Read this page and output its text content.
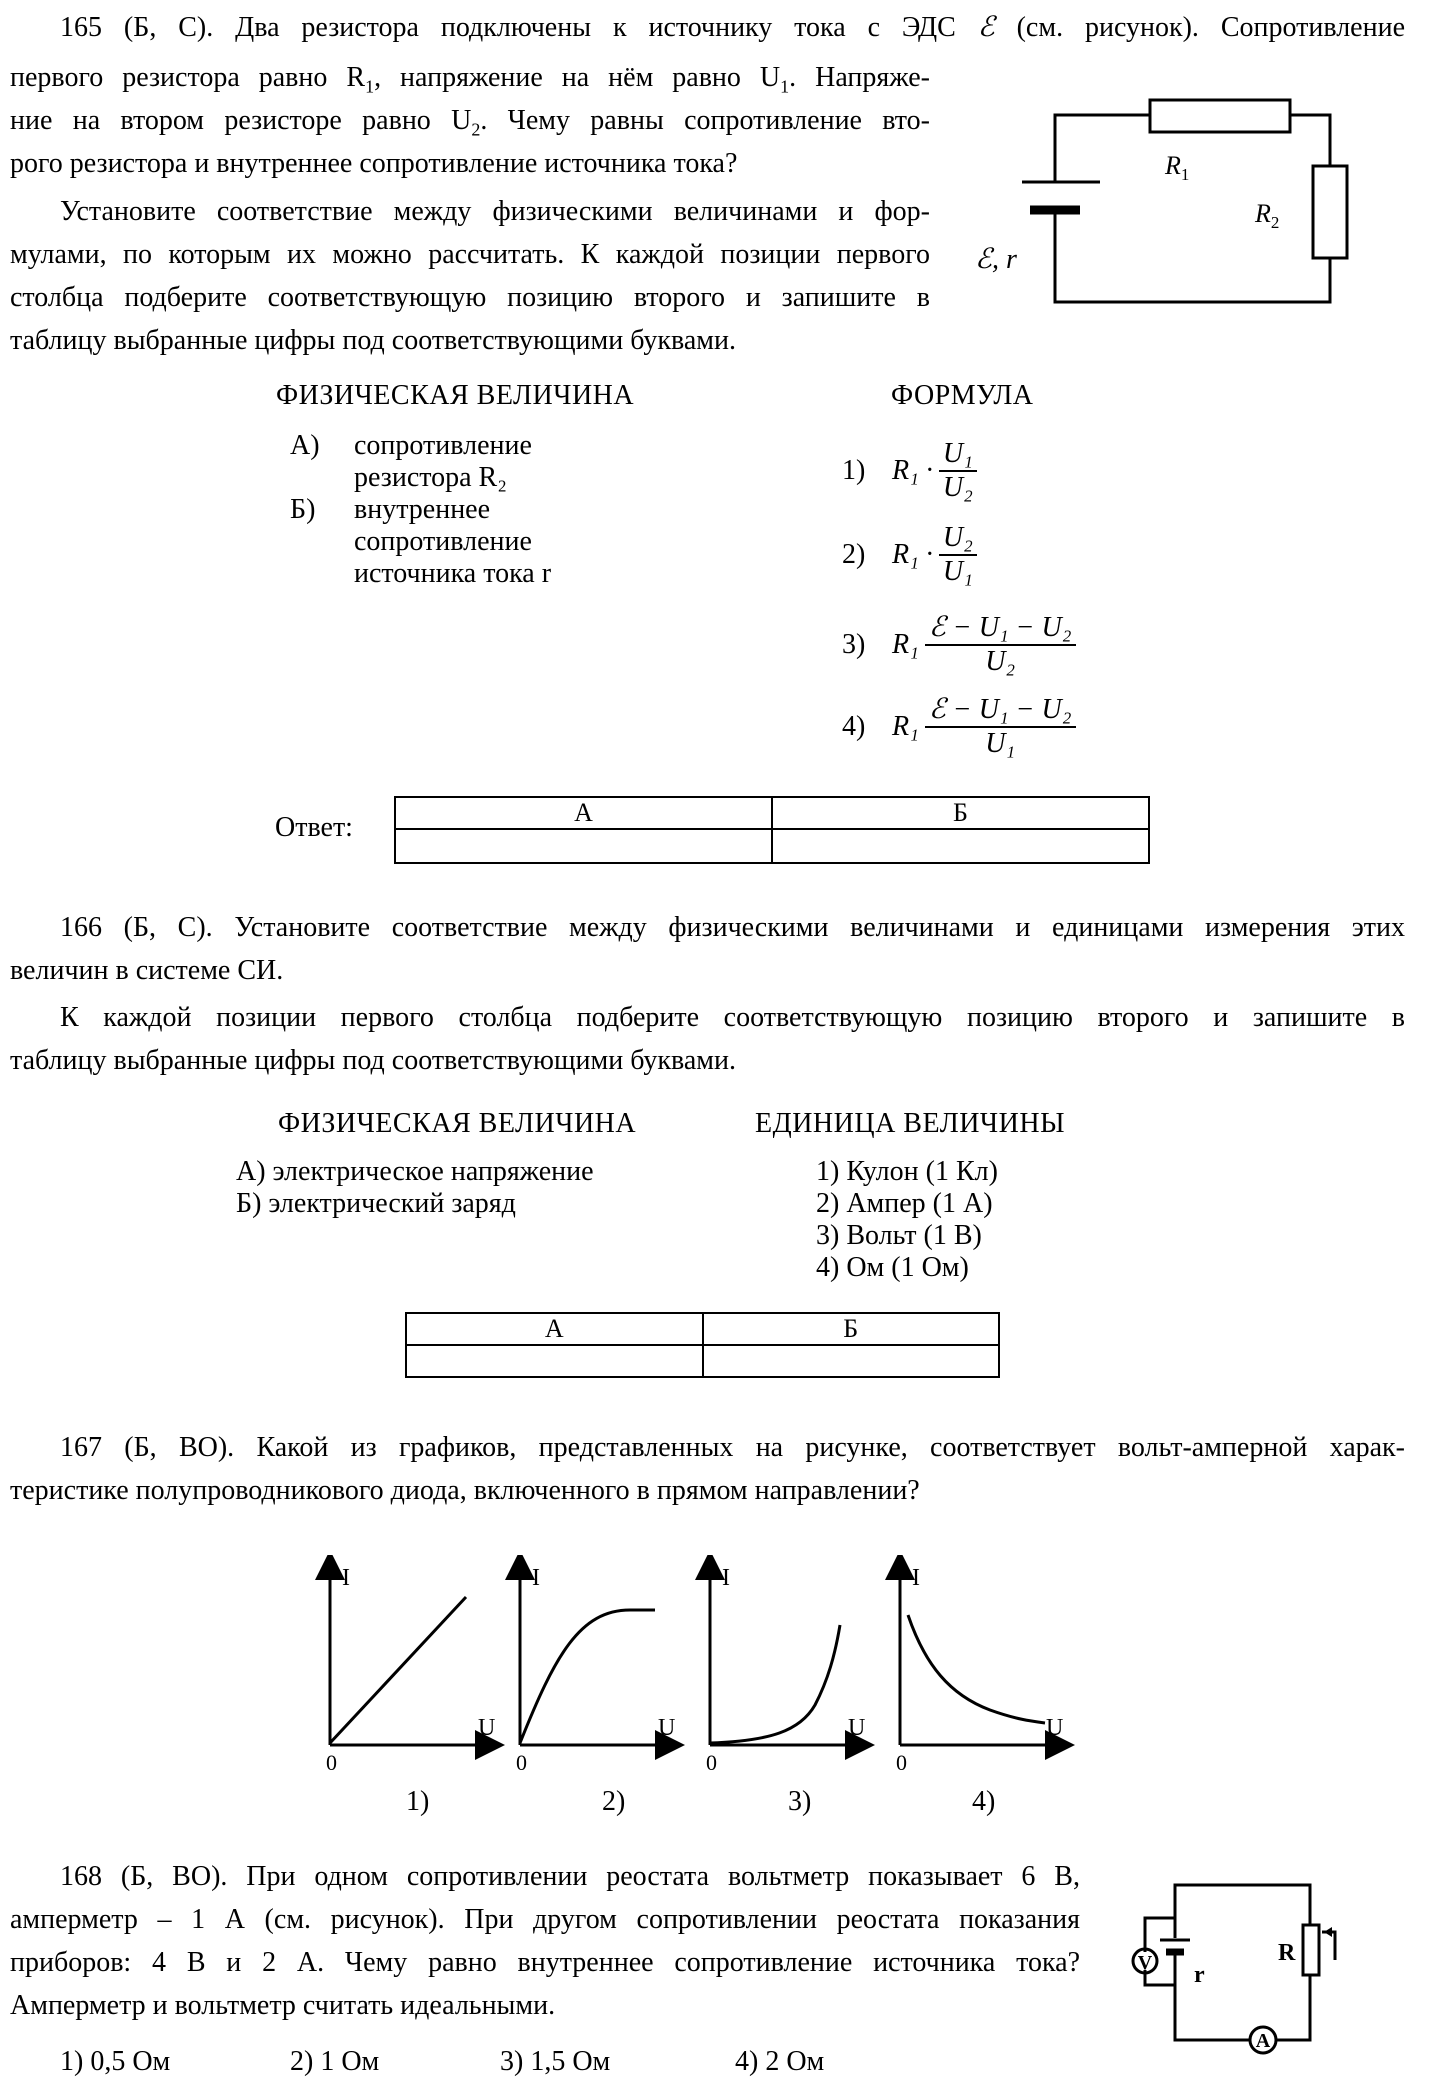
165 (Б, С). Два резистора подключены к источнику тока с ЭДС ℰ (см. рисунок). Сопротивление
первого резистора равно $R_1$, напряжение на нём равно $U_1$. Напряже-
ние на втором резисторе равно $U_2$. Чему равны сопротивление вто-
рого резистора и внутреннее сопротивление источника тока?
Установите соответствие между физическими величинами и фор-
мулами, по которым их можно рассчитать. К каждой позиции первого
столбца подберите соответствующую позицию второго и запишите в
таблицу выбранные цифры под соответствующими буквами.
$R_1$
$R_2$
ℰ, r
ФИЗИЧЕСКАЯ ВЕЛИЧИНА	ФОРМУЛА
А) сопротивление
резистора R₂
Б) внутреннее
сопротивление
источника тока r
1) $R_1 \cdot \frac{\text{U₁}}{\text{U₂}}$
2) $R_1 \cdot \frac{\text{U₂}}{\text{U₁}}$
3) $R_1 \frac{\text{ℰ − U₁ − U₂}}{\text{U₂}}$
4) $R_1 \frac{\text{ℰ − U₁ − U₂}}{\text{U₁}}$
Ответ:	А	Б

166 (Б, С). Установите соответствие между физическими величинами и единицами измерения этих
величин в системе СИ.
К каждой позиции первого столбца подберите соответствующую позицию второго и запишите в
таблицу выбранные цифры под соответствующими буквами.
ФИЗИЧЕСКАЯ ВЕЛИЧИНА	ЕДИНИЦА ВЕЛИЧИНЫ
А) электрическое напряжение
Б) электрический заряд
1) Кулон (1 Кл)
2) Ампер (1 А)
3) Вольт (1 В)
4) Ом (1 Ом)
А	Б

167 (Б, ВО). Какой из графиков, представленных на рисунке, соответствует вольт-амперной харак-
теристике полупроводникового диода, включенного в прямом направлении?
I
U
0
1)
I
U
0
2)
I
U
0
3)
I
U
0
4)
168 (Б, ВО). При одном сопротивлении реостата вольтметр показывает 6 В,
амперметр – 1 А (см. рисунок). При другом сопротивлении реостата показания
приборов: 4 В и 2 А. Чему равно внутреннее сопротивление источника тока?
Амперметр и вольтметр считать идеальными.
V
A
r
R
1) 0,5 Ом	2) 1 Ом	3) 1,5 Ом	4) 2 Ом
